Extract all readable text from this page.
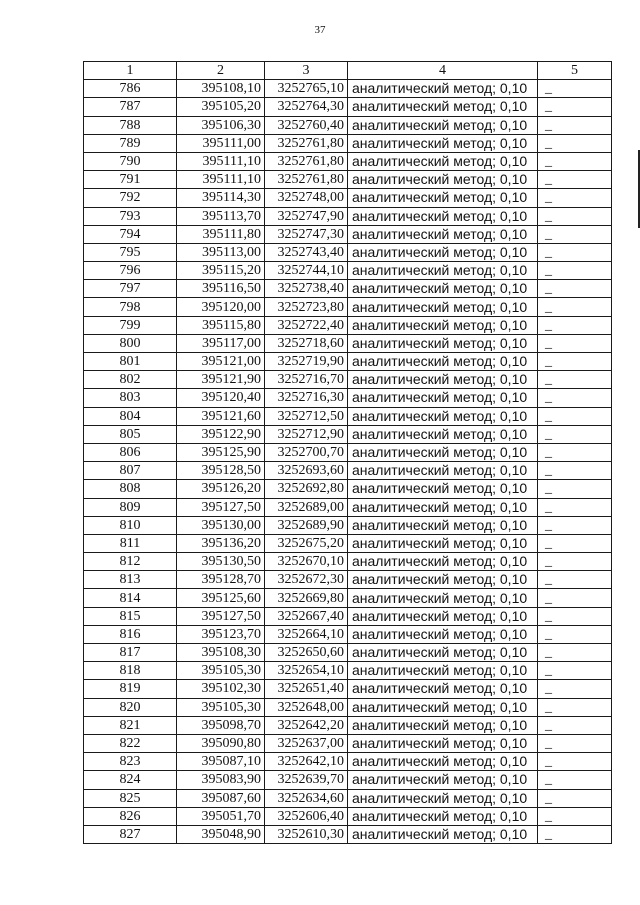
37
1	2	3	4	5
786	395108,10	3252765,10	аналитический метод; 0,10	_
787	395105,20	3252764,30	аналитический метод; 0,10	_
788	395106,30	3252760,40	аналитический метод; 0,10	_
789	395111,00	3252761,80	аналитический метод; 0,10	_
790	395111,10	3252761,80	аналитический метод; 0,10	_
791	395111,10	3252761,80	аналитический метод; 0,10	_
792	395114,30	3252748,00	аналитический метод; 0,10	_
793	395113,70	3252747,90	аналитический метод; 0,10	_
794	395111,80	3252747,30	аналитический метод; 0,10	_
795	395113,00	3252743,40	аналитический метод; 0,10	_
796	395115,20	3252744,10	аналитический метод; 0,10	_
797	395116,50	3252738,40	аналитический метод; 0,10	_
798	395120,00	3252723,80	аналитический метод; 0,10	_
799	395115,80	3252722,40	аналитический метод; 0,10	_
800	395117,00	3252718,60	аналитический метод; 0,10	_
801	395121,00	3252719,90	аналитический метод; 0,10	_
802	395121,90	3252716,70	аналитический метод; 0,10	_
803	395120,40	3252716,30	аналитический метод; 0,10	_
804	395121,60	3252712,50	аналитический метод; 0,10	_
805	395122,90	3252712,90	аналитический метод; 0,10	_
806	395125,90	3252700,70	аналитический метод; 0,10	_
807	395128,50	3252693,60	аналитический метод; 0,10	_
808	395126,20	3252692,80	аналитический метод; 0,10	_
809	395127,50	3252689,00	аналитический метод; 0,10	_
810	395130,00	3252689,90	аналитический метод; 0,10	_
811	395136,20	3252675,20	аналитический метод; 0,10	_
812	395130,50	3252670,10	аналитический метод; 0,10	_
813	395128,70	3252672,30	аналитический метод; 0,10	_
814	395125,60	3252669,80	аналитический метод; 0,10	_
815	395127,50	3252667,40	аналитический метод; 0,10	_
816	395123,70	3252664,10	аналитический метод; 0,10	_
817	395108,30	3252650,60	аналитический метод; 0,10	_
818	395105,30	3252654,10	аналитический метод; 0,10	_
819	395102,30	3252651,40	аналитический метод; 0,10	_
820	395105,30	3252648,00	аналитический метод; 0,10	_
821	395098,70	3252642,20	аналитический метод; 0,10	_
822	395090,80	3252637,00	аналитический метод; 0,10	_
823	395087,10	3252642,10	аналитический метод; 0,10	_
824	395083,90	3252639,70	аналитический метод; 0,10	_
825	395087,60	3252634,60	аналитический метод; 0,10	_
826	395051,70	3252606,40	аналитический метод; 0,10	_
827	395048,90	3252610,30	аналитический метод; 0,10	_
